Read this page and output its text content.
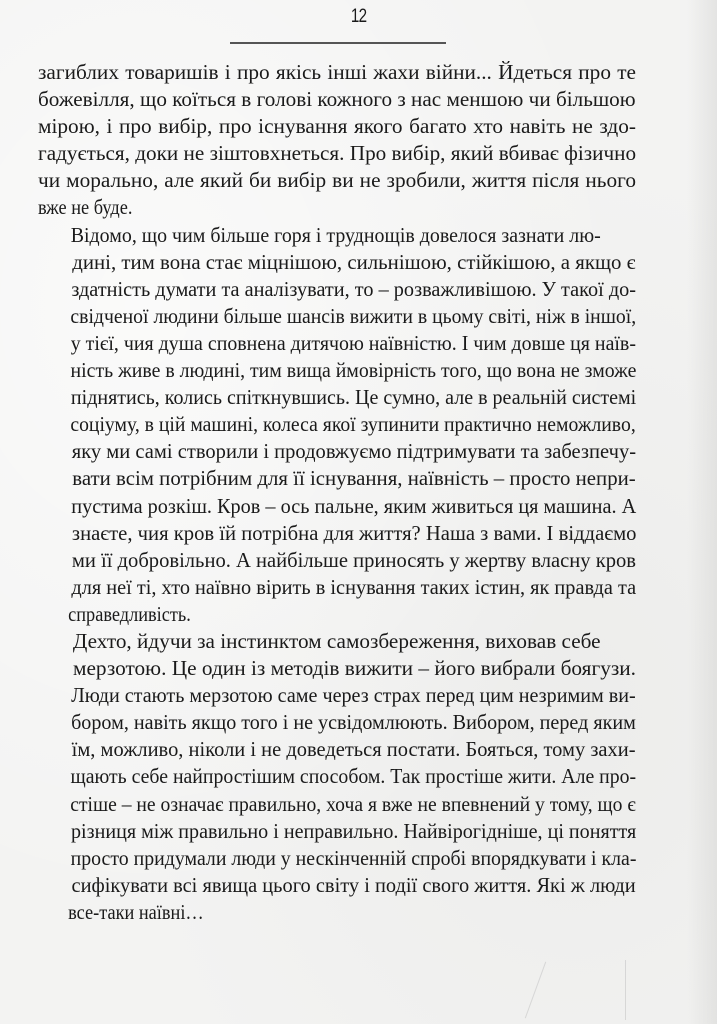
12
загиблих товаришів і про якісь інші жахи війни... Йдеться про те
божевілля, що коїться в голові кожного з нас меншою чи більшою
мірою, і про вибір, про існування якого багато хто навіть не здо-
гадується, доки не зіштовхнеться. Про вибір, який вбиває фізично
чи морально, але який би вибір ви не зробили, життя після нього
вже не буде.
Відомо, що чим більше горя і труднощів довелося зазнати лю-
дині, тим вона стає міцнішою, сильнішою, стійкішою, а якщо є
здатність думати та аналізувати, то – розважливішою. У такої до-
свідченої людини більше шансів вижити в цьому світі, ніж в іншої,
у тієї, чия душа сповнена дитячою наївністю. І чим довше ця наїв-
ність живе в людині, тим вища ймовірність того, що вона не зможе
піднятись, колись спіткнувшись. Це сумно, але в реальній системі
соціуму, в цій машині, колеса якої зупинити практично неможливо,
яку ми самі створили і продовжуємо підтримувати та забезпечу-
вати всім потрібним для її існування, наївність – просто непри-
пустима розкіш. Кров – ось пальне, яким живиться ця машина. А
знаєте, чия кров їй потрібна для життя? Наша з вами. І віддаємо
ми її добровільно. А найбільше приносять у жертву власну кров
для неї ті, хто наївно вірить в існування таких істин, як правда та
справедливість.
Дехто, йдучи за інстинктом самозбереження, виховав себе
мерзотою. Це один із методів вижити – його вибрали боягузи.
Люди стають мерзотою саме через страх перед цим незримим ви-
бором, навіть якщо того і не усвідомлюють. Вибором, перед яким
їм, можливо, ніколи і не доведеться постати. Бояться, тому захи-
щають себе найпростішим способом. Так простіше жити. Але про-
стіше – не означає правильно, хоча я вже не впевнений у тому, що є
різниця між правильно і неправильно. Найвірогідніше, ці поняття
просто придумали люди у нескінченній спробі впорядкувати і кла-
сифікувати всі явища цього світу і події свого життя. Які ж люди
все-таки наївні…
